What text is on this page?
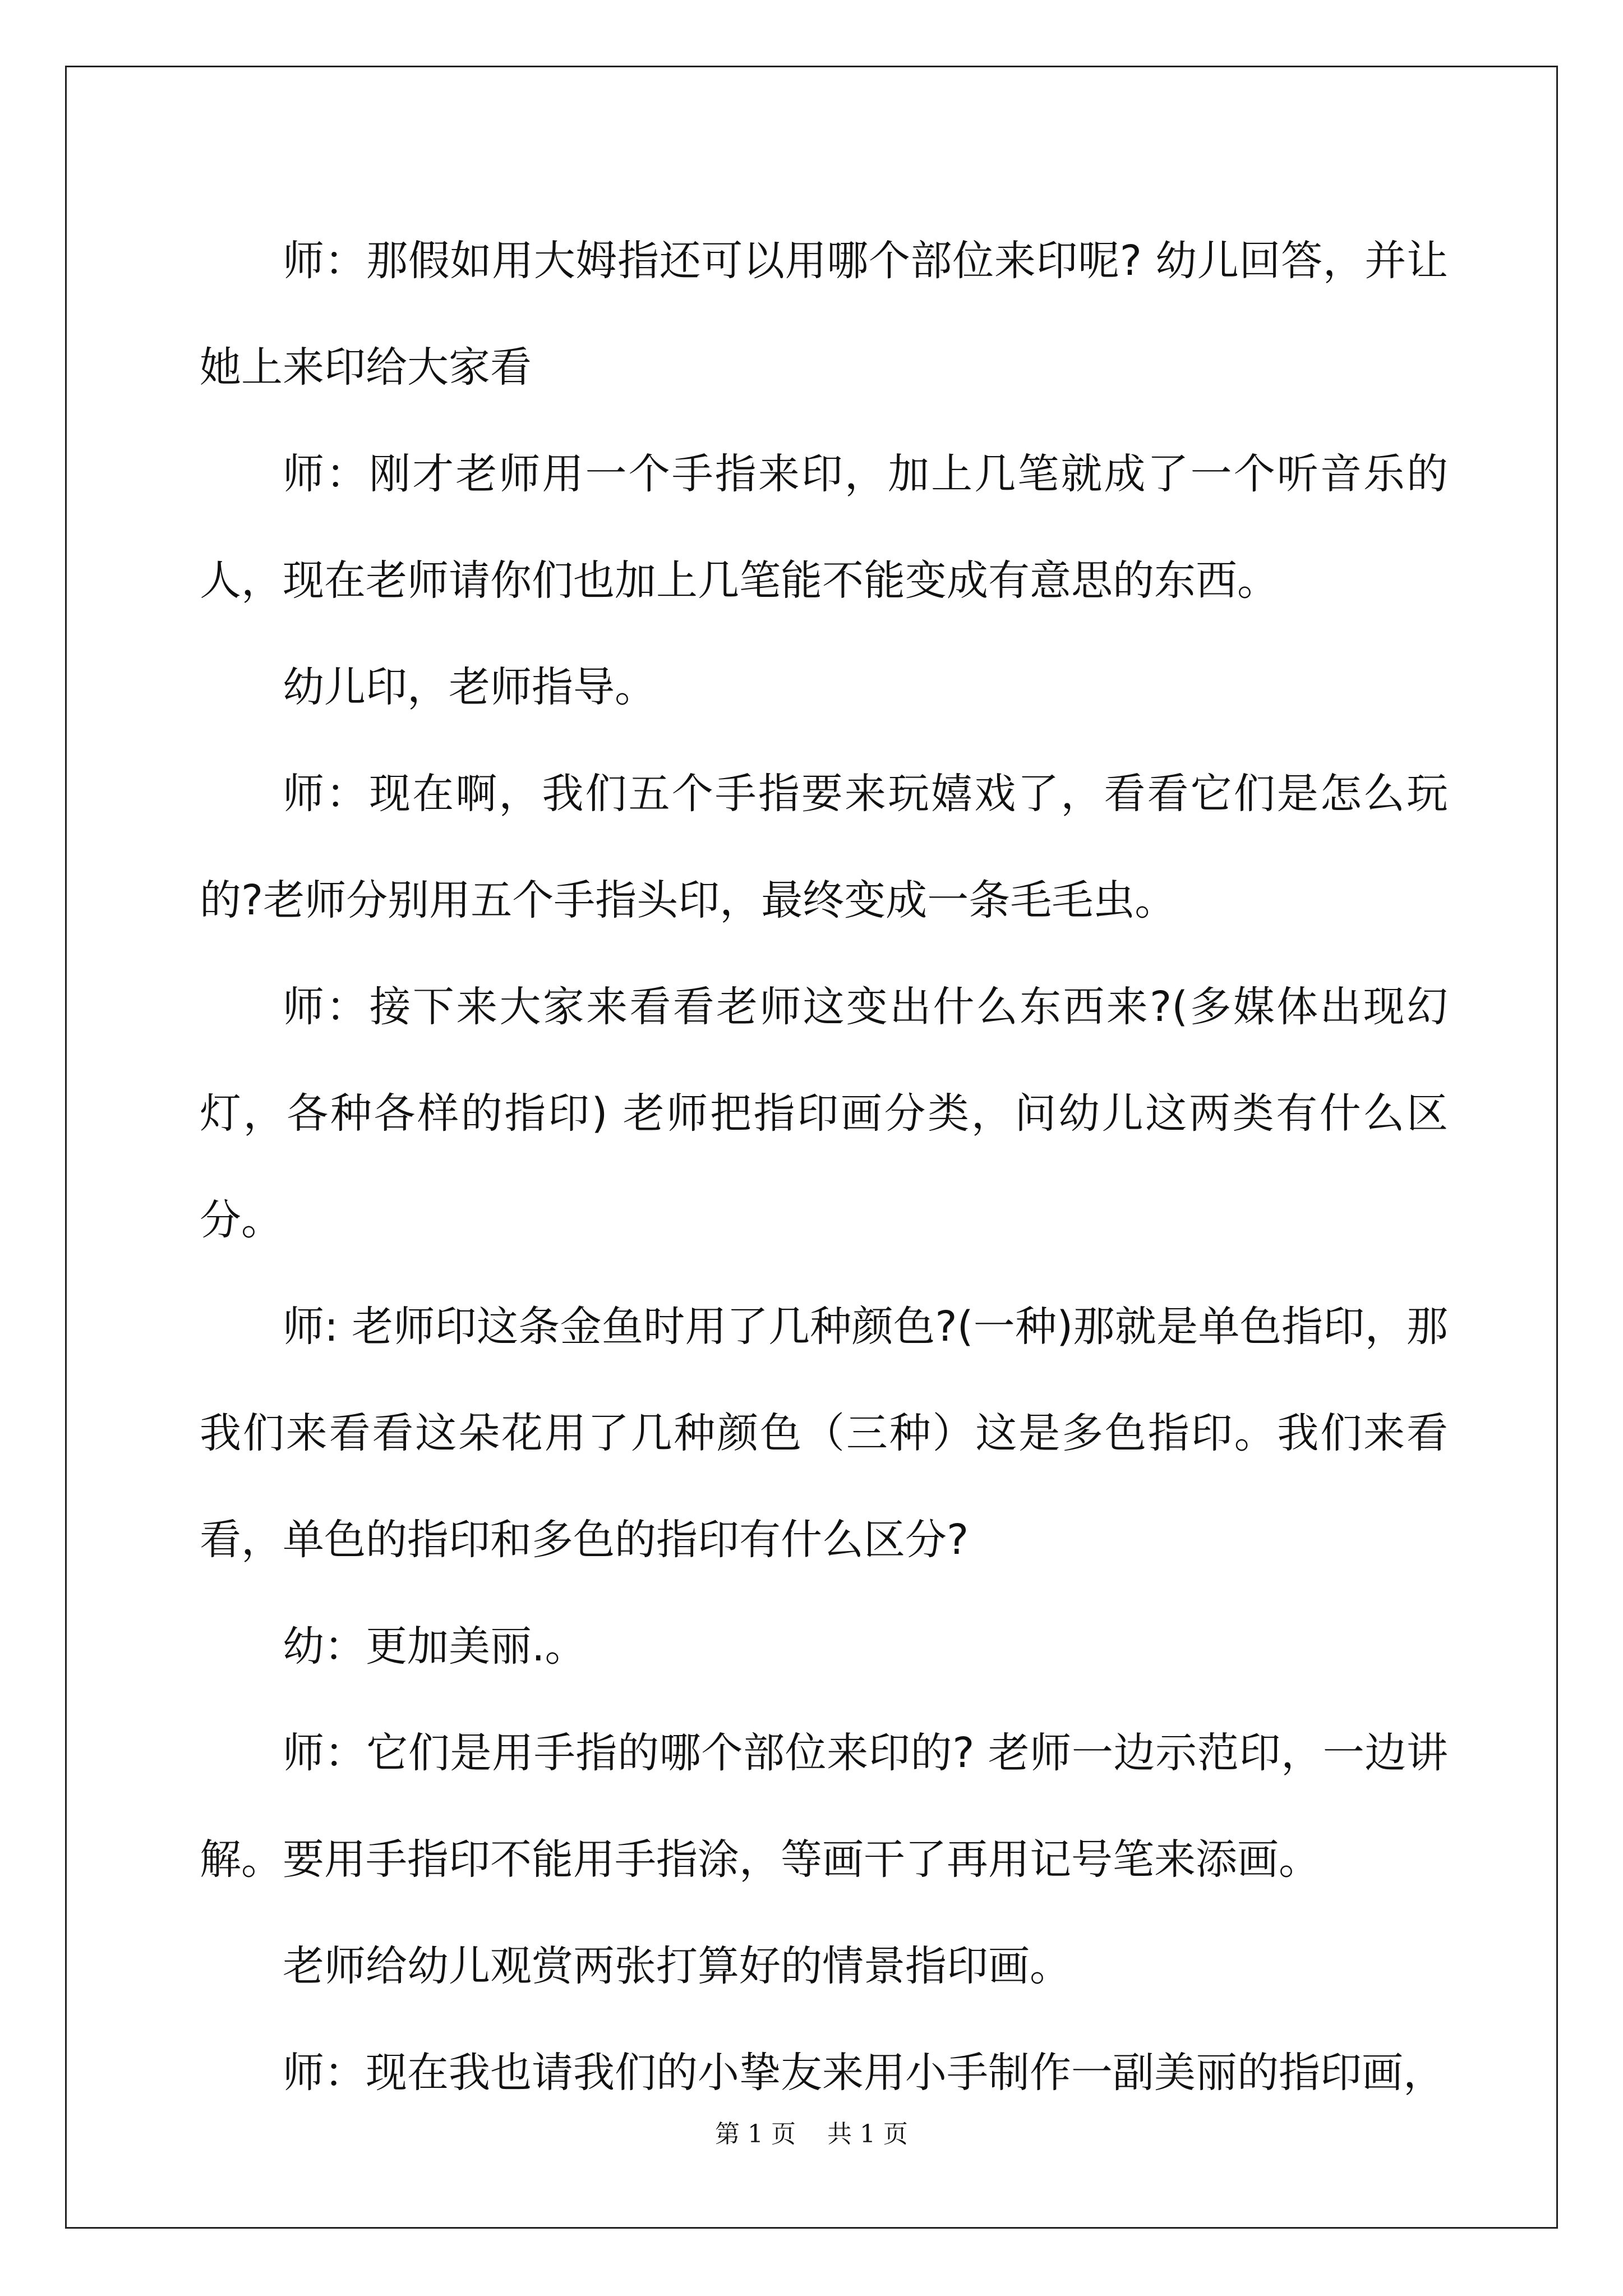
师：那假如用大姆指还可以用哪个部位来印呢? 幼儿回答，并让她上来印给大家看

师：刚才老师用一个手指来印，加上几笔就成了一个听音乐的人，现在老师请你们也加上几笔能不能变成有意思的东西。

幼儿印，老师指导。

师：现在啊，我们五个手指要来玩嬉戏了，看看它们是怎么玩的?老师分别用五个手指头印，最终变成一条毛毛虫。

师：接下来大家来看看老师这变出什么东西来?(多媒体出现幻灯，各种各样的指印) 老师把指印画分类，问幼儿这两类有什么区分。

师: 老师印这条金鱼时用了几种颜色?(一种)那就是单色指印，那我们来看看这朵花用了几种颜色（三种）这是多色指印。我们来看看，单色的指印和多色的指印有什么区分?

幼：更加美丽.。

师：它们是用手指的哪个部位来印的? 老师一边示范印，一边讲解。要用手指印不能用手指涂，等画干了再用记号笔来添画。

老师给幼儿观赏两张打算好的情景指印画。

师：现在我也请我们的小挚友来用小手制作一副美丽的指印画，

第 1 页    共 1 页
